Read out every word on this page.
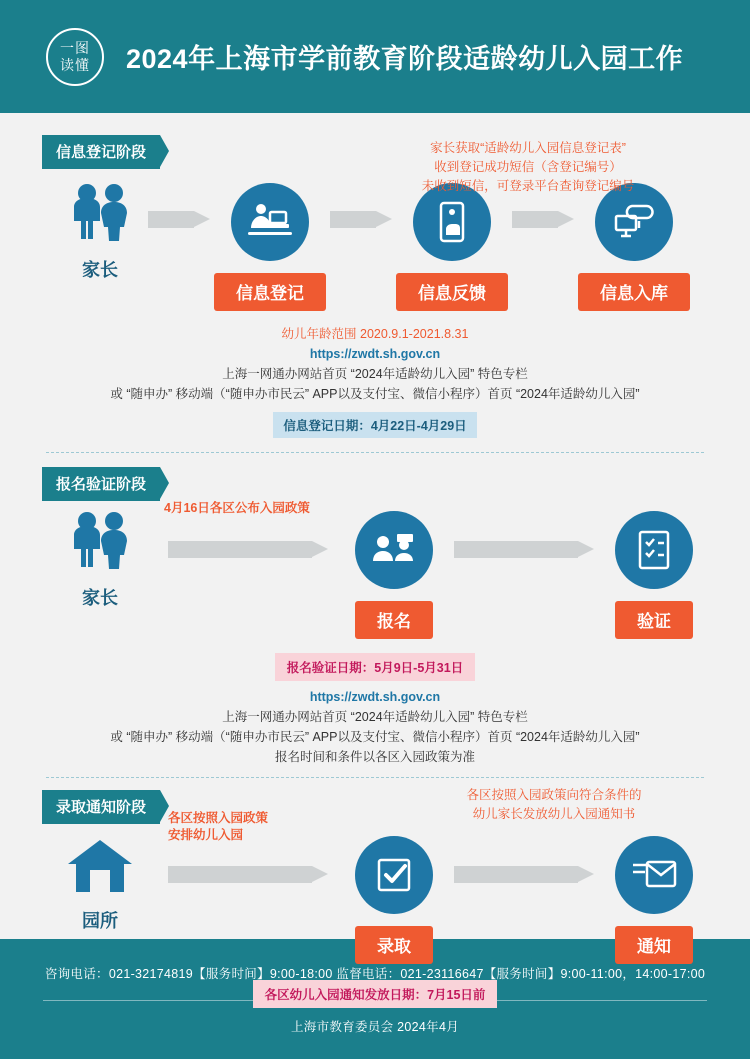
一图
读懂 2024年上海市学前教育阶段适龄幼儿入园工作
家长获取“适龄幼儿入园信息登记表”
收到登记成功短信（含登记编号）
未收到短信，可登录平台查询登记编号
信息登记阶段
家长
信息登记	信息反馈	信息入库
幼儿年龄范围 2020.9.1-2021.8.31
https://zwdt.sh.gov.cn
上海一网通办网站首页 “2024年适龄幼儿入园” 特色专栏
或 “随申办” 移动端（“随申办市民云” APP以及支付宝、微信小程序）首页 “2024年适龄幼儿入园”
信息登记日期：4月22日-4月29日
报名验证阶段
家长
4月16日各区公布入园政策
报名	验证
报名验证日期：5月9日-5月31日
https://zwdt.sh.gov.cn
上海一网通办网站首页 “2024年适龄幼儿入园” 特色专栏
或 “随申办” 移动端（“随申办市民云” APP以及支付宝、微信小程序）首页 “2024年适龄幼儿入园”
报名时间和条件以各区入园政策为准
各区按照入园政策向符合条件的
幼儿家长发放幼儿入园通知书
录取通知阶段
园所
各区按照入园政策
安排幼儿入园
录取	通知
各区幼儿入园通知发放日期：7月15日前
咨询电话：021-32174819【服务时间】9:00-18:00 监督电话：021-23116647【服务时间】9:00-11:00，14:00-17:00
上海市教育委员会 2024年4月
